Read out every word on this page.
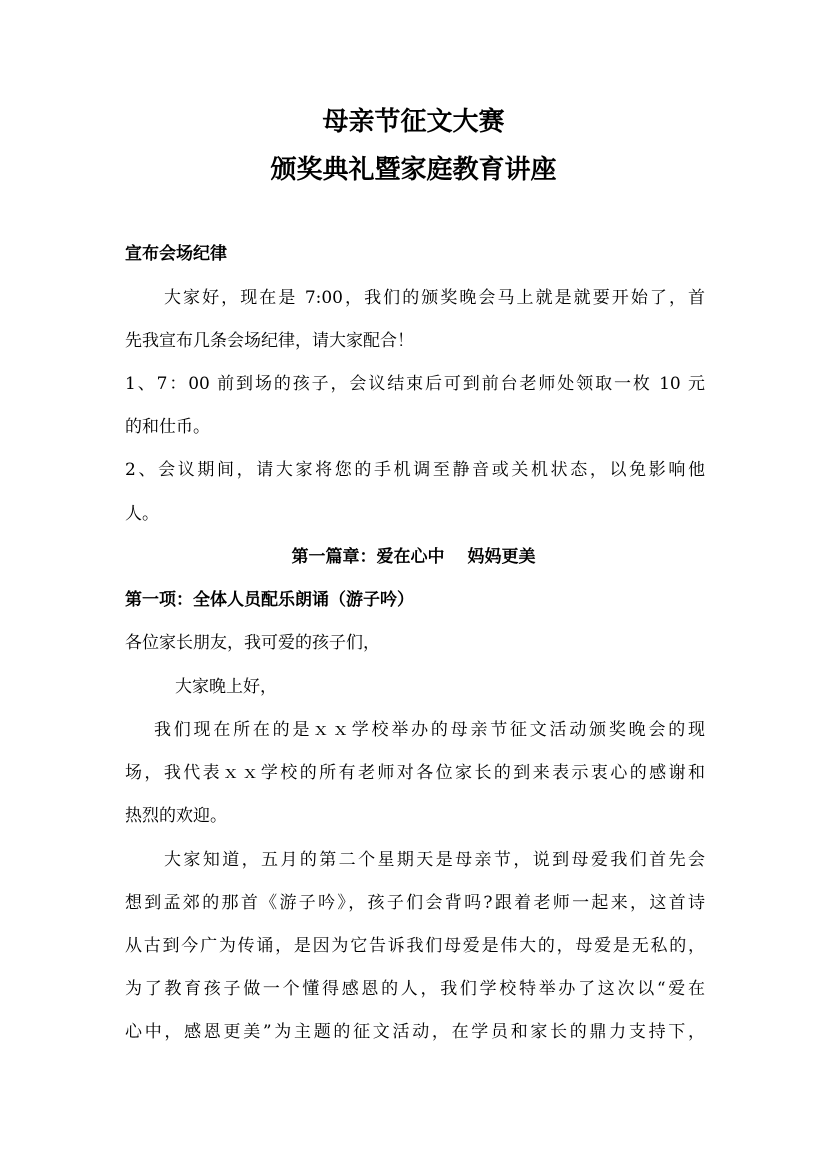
母亲节征文大赛
颁奖典礼暨家庭教育讲座

宣布会场纪律

大家好，现在是 7:00，我们的颁奖晚会马上就是就要开始了，首

先我宣布几条会场纪律，请大家配合！

1、7：00 前到场的孩子，会议结束后可到前台老师处领取一枚 10 元

的和仕币。

2、会议期间，请大家将您的手机调至静音或关机状态，以免影响他

人。

第一篇章：爱在心中　 妈妈更美

第一项：全体人员配乐朗诵（游子吟）

各位家长朋友，我可爱的孩子们，

大家晚上好，

我们现在所在的是ｘｘ学校举办的母亲节征文活动颁奖晚会的现

场，我代表ｘｘ学校的所有老师对各位家长的到来表示衷心的感谢和

热烈的欢迎。

大家知道，五月的第二个星期天是母亲节，说到母爱我们首先会

想到孟郊的那首《游子吟》，孩子们会背吗?跟着老师一起来，这首诗

从古到今广为传诵，是因为它告诉我们母爱是伟大的，母爱是无私的，

为了教育孩子做一个懂得感恩的人，我们学校特举办了这次以“爱在

心中，感恩更美”为主题的征文活动，在学员和家长的鼎力支持下，
